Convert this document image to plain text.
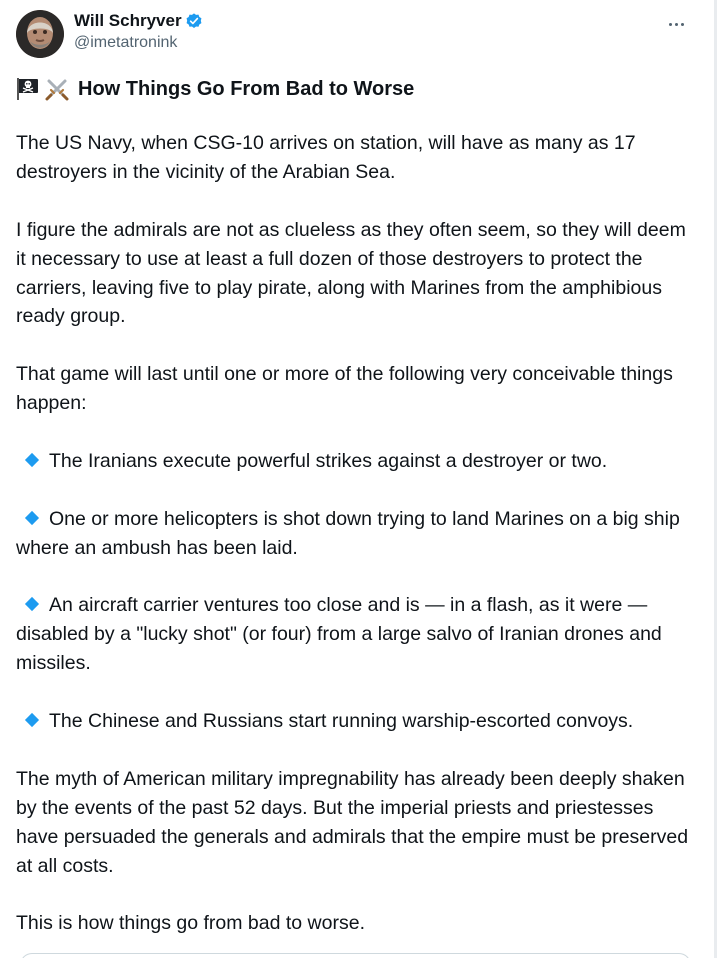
Will Schryver
@imetatronink
How Things Go From Bad to Worse

The US Navy, when CSG-10 arrives on station, will have as many as 17 destroyers in the vicinity of the Arabian Sea.

I figure the admirals are not as clueless as they often seem, so they will deem it necessary to use at least a full dozen of those destroyers to protect the carriers, leaving five to play pirate, along with Marines from the amphibious ready group.

That game will last until one or more of the following very conceivable things happen:

The Iranians execute powerful strikes against a destroyer or two.

One or more helicopters is shot down trying to land Marines on a big ship where an ambush has been laid.

An aircraft carrier ventures too close and is — in a flash, as it were — disabled by a "lucky shot" (or four) from a large salvo of Iranian drones and missiles.

The Chinese and Russians start running warship-escorted convoys.

The myth of American military impregnability has already been deeply shaken by the events of the past 52 days. But the imperial priests and priestesses have persuaded the generals and admirals that the empire must be preserved at all costs.

This is how things go from bad to worse.
